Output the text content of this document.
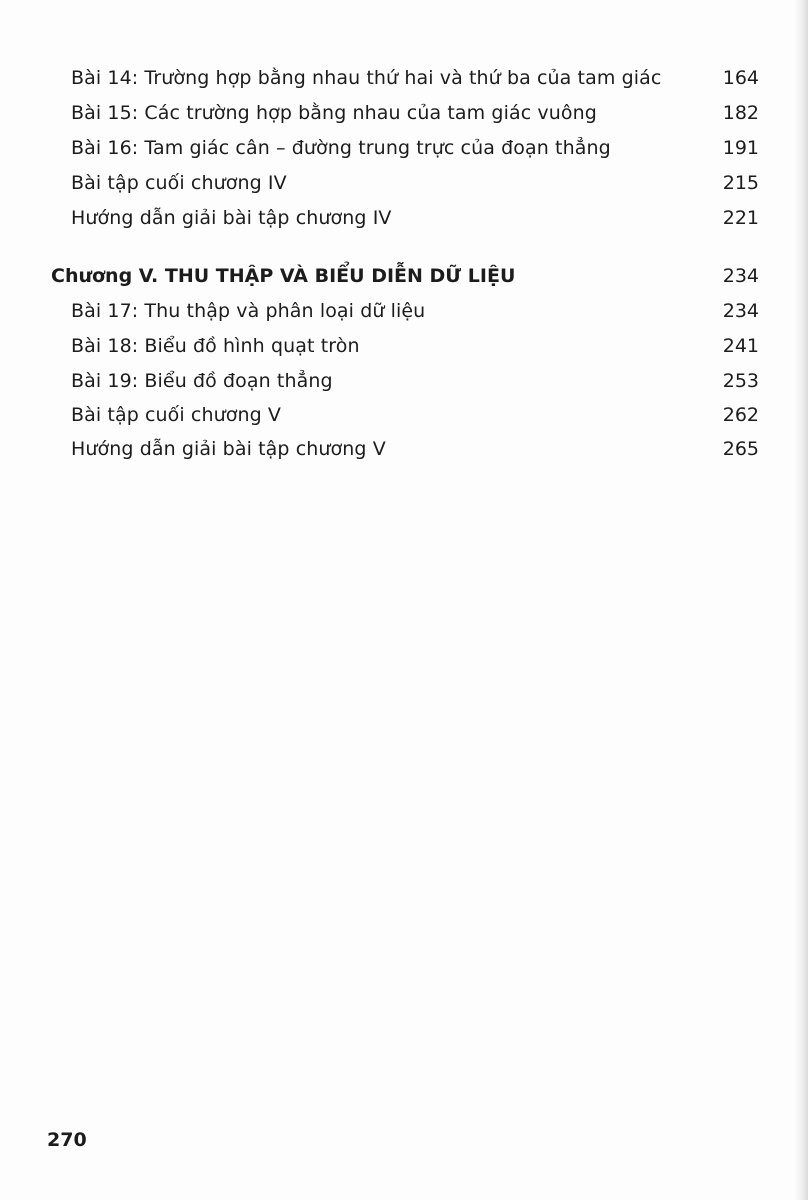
Bài 14: Trường hợp bằng nhau thứ hai và thứ ba của tam giác	164
Bài 15: Các trường hợp bằng nhau của tam giác vuông	182
Bài 16: Tam giác cân – đường trung trực của đoạn thẳng	191
Bài tập cuối chương IV	215
Hướng dẫn giải bài tập chương IV	221
Chương V. THU THẬP VÀ BIỂU DIỄN DỮ LIỆU	234
Bài 17: Thu thập và phân loại dữ liệu	234
Bài 18: Biểu đồ hình quạt tròn	241
Bài 19: Biểu đồ đoạn thẳng	253
Bài tập cuối chương V	262
Hướng dẫn giải bài tập chương V	265
270
